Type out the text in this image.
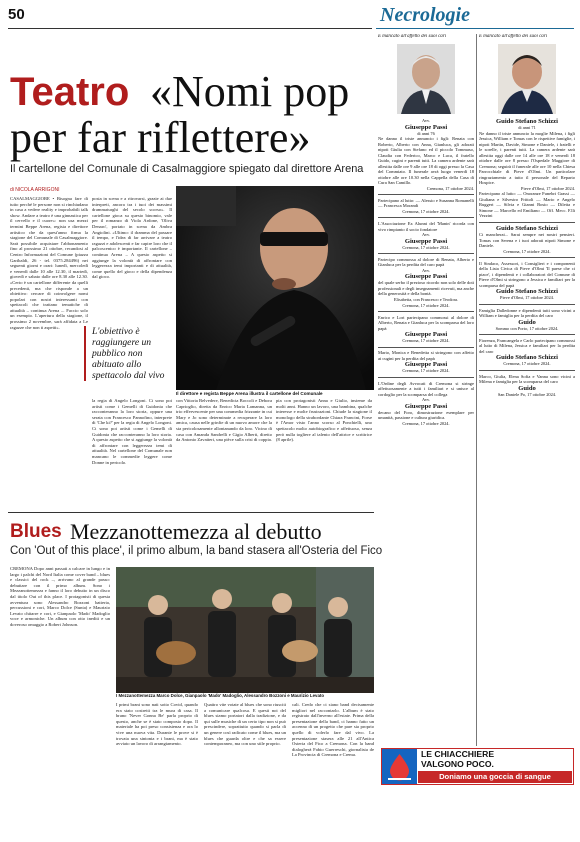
50	Necrologie
Teatro «Nomi pop
per far riflettere»
Il cartellone del Comunale di Casalmaggiore spiegato dal direttore Arena
di NICOLA ARRIGONI
CASALMAGGIORE • Bisogna fare di tutto perché le persone non si rinchiudano in casa a vedere reality e improbabili talk show. Andare a teatro è una ginnastica per il cervello e il cuore»: non usa mezzi termini Beppe Arena, regista e direttore artistico che da quest'anno firma la stagione del Comunale di Casalmaggiore. Sarà possibile acquistare l'abbonamento fino al prossimo 21 ottobre, recandosi al Centro Informazioni del Comune (piazza Garibaldi, 26 - tel. 0375.284496) nei seguenti giorni e orari: lunedì, mercoledì e venerdì dalle 10 alle 12.30, il martedì, giovedì e sabato dalle ore 8.30 alle 12.30. «Certo è un cartellone differente da quelli precedenti, ma che risponde a un obiettivo: cercare di coinvolgere nomi popolari con nostri interessanti con spettacoli che trattano tematiche di attualità – continua Arena –. Faccio solo un esempio. L'apertura della stagione, il prossimo 2 novembre, sarà affidata a Le ragazze che non ti aspetti».
posta in scena e a ritrovarsi, grazie ai due interpreti, ancora tra i tuoi dei massimi drammaturghi del secolo scorso». Il cartellone gioca su questo binomio, vale per il romanzo di Viola Ardone, 'Oliva Denaro', portato in scena da Ambra Angiolini. «Ultimo: il dramma del passare il tempo, e l'idea di far arrivare a teatro ragazzi e adolescenti e far capire loro che il palcoscenico è importante. Il cartellone – continua Arena – A questo aspetto si aggiunge la volontà di affrontare con leggerezza temi importanti e di attualità, come quello del gioco e della dipendenza dal gioco.
L'obiettivo è raggiungere un pubblico non abituato allo spettacolo dal vivo
Il direttore e regista Beppe Arena illustra il cartellone del Comunale
la regia di Angelo Longoni. Ci sono poi artisti come i Gemelli di Guidonia che racconteranno la loro storia, oppure una serata con Francesco Pannofino, interprete di 'Che ki?' per la regia di Angelo Longoni. Ci sono poi artisti come i Gemelli di Guidonia che racconteranno la loro storia. A questo aspetto che si aggiunge la volontà di affrontare con leggerezza temi di attualità. Nel cartellone del Comunale non mancano le commedie leggere come Donne in pericolo.
con Vittoria Belvedere, Benedicta Boccoli e Debora Caprioglio, diretta da Enrico Maria Lamanna, un trio effervescente per una commedia frizzante in cui Mary e Jo sono determinate a recuperare la loro amica, causa nelle grinfie di un nuovo amore che la sta pericolosamente allontanando da loro. Vicino di casa con Amanda Sandrelli e Gigio Alberti, diretto da Antonio Zavatteri, una pièce sulla crisi di coppia.
pia con protagonisti Anna e Giulio, insieme da molti anni. Hanno un lavoro, una bambina, qualche interesse e molte frustrazioni. Chiude la stagione il monologo della strabordante Chiara Francini, Forse è l'Amor visto l'anno scorso al Ponchielli, uno spettacolo molto autobiografico e affettuoso, senza però nulla togliere al talento dell'attrice e scrittrice (8 aprile).
Blues Mezzanottemezza al debutto
Con 'Out of this place', il primo album, la band stasera all'Osteria del Fico
CREMONA Dopo anni passati a calcare in lungo e in largo i palchi del Nord Italia come cover band – blues e classici del rock –, arrivano al grande passo: debuttare con il primo album. Sono i Mezzanottemezza e fanno il loro debutto in un disco dal titolo Out of this place. I protagonisti di questa avventura sono Alessandro Bozzoni batteria, percussioni e cori, Marco Dolce (Sunta) e Maurizio Levato chitarre e cori, e Gianpaolo 'Mado' Madoglio voce e armoniche. Un album con otto inediti e un doveroso omaggio a Robert Johnson.
I Mezzanottemezza Marco Dolce, Gianpaolo 'Mado' Madoglio, Alessandro Bozzoni e Maurizio Levato
I primi brani sono nati sotto Covid, quando era stato costretti tra le mura di casa. Il brano 'Never Gonna Be' parla proprio di questo, anche se è stato composto dopo. Il materiale ha poi preso consistenza e ora lo vive una nuova vita. Durante le prove si è trovata una sintonia e i brani, ma è stato avviato un lavoro di arrangiamento.
Quattro vite votate al blues che sono riusciti a comunicare qualcosa. E questi noi del blues siamo portatori dalla tradizione, e da qui sulle musiche di un certo tipo non si può prescindere, soprattutto quando si parla di un genere così radicato come il blues, ma un blues che guarda oltre e che sa essere contemporaneo, ma con uno stile proprio.
cali. Credo che ci siano band decisamente migliori nel raccontarlo. L'album è stato registrato dall'inverno all'estate. Prima della presentazione della band, ci hanno fatto un accenno di un progetto che pare sia proprio quello di volerlo fare dal vivo. La presentazione stasera alle 21 all'Antica Osteria del Fico a Cremona. Con la band dialogherà Fabio Guerreschi, giornalista de La Provincia di Cremona e Crema.
È mancato all'affetto dei suoi cari
Avv.
Giuseppe Passi
di anni 76
Ne danno il triste annuncio i figli: Renata con Roberto, Alberto con Anna, Gianluca, gli adorati nipoti Giulia con Stefano ed il piccolo Tommaso, Claudia con Federico, Marco e Luca, il fratello Guido, cugini e parenti tutti. La camera ardente sarà allestita dalle ore 9 alle ore 18 di oggi presso la Casa del Commiato. Il funerale avrà luogo venerdì 18 ottobre alle ore 10.30 nella Cappella della Casa di Cura San Camillo.
Cremona, 17 ottobre 2024.
Partecipano al lutto: — Alessio e Susanna Romanelli — Francesca Morandi
Cremona, 17 ottobre 2024.
L'Associazione Ex Alunni del 'Manin' ricorda con vivo rimpianto il socio fondatore
Avv.
Giuseppe Passi
Cremona, 17 ottobre 2024.
Partecipo commossa al dolore di Renata, Alberto e Gianluca per la perdita del caro papà
Avv.
Giuseppe Passi
del quale serbo il prezioso ricordo non solo delle doti professionali e degli insegnamenti ricevuti, ma anche della generosità e della bontà.
Elisabetta, con Francesco e Teodora.
Cremona, 17 ottobre 2024.
Enrico e Lori partecipano commossi al dolore di Alberto, Renata e Gianluca per la scomparsa del loro papà
Giuseppe Passi
Cremona, 17 ottobre 2024.
Mario, Monica e Benedetta si stringono con affetto ai cugini per la perdita del papà
Giuseppe Passi
Cremona, 17 ottobre 2024.
L'Ordine degli Avvocati di Cremona si stringe affettuosamente a tutti i familiari e si unisce al cordoglio per la scomparsa del collega
Avv.
Giuseppe Passi
decano del Foro, dimostrazione esemplare per umanità, passione e cultura giuridica.
Cremona, 17 ottobre 2024.
È mancato all'affetto dei suoi cari
Guido Stefano Schizzi
di anni 71
Ne danno il triste annuncio la moglie Milena, i figli Jessica, William e Tomas con le rispettive famiglie, i nipoti Martin, Davide, Simone e Daniele, i fratelli e le sorelle, i parenti tutti. La camera ardente sarà allestita oggi dalle ore 14 alle ore 18 e venerdì 18 ottobre dalle ore 8 presso l'Ospedale Maggiore di Cremona; seguirà il funerale alle ore 10 nella Chiesa Parrocchiale di Pieve d'Olmi. Un particolare ringraziamento a tutto il personale del Reparto Hospice.
Pieve d'Olmi, 17 ottobre 2024.
Partecipano al lutto: — Onoranze Funebri Grassi — Giuliana e Silvestro Frittoli — Mario e Angelo Ruggeri — Silvia e Gianni Bosio — Diletta e Simone — Marcello ed Emiliano — Off. Mecc. F.lli Vezzini
Guido Stefano Schizzi
Ci mancherai... Sarai sempre nei nostri pensieri. Tomas con Serena e i tuoi adorati nipoti Simone e Daniele.
Cremona, 17 ottobre 2024.
Il Sindaco, Assessori, i Consiglieri e i componenti della Lista Civica di Pieve d'Olmi 'Il paese che ci piace', i dipendenti e i collaboratori del Comune di Pieve d'Olmi si stringono a Jessica e familiari per la scomparsa del papà
Guido Stefano Schizzi
Pieve d'Olmi, 17 ottobre 2024.
Famiglia Dalledonne e dipendenti tutti sono vicini a William e famiglia per la perdita del caro
Guido
Sommo con Porto, 17 ottobre 2024.
Fiorenza, Francangela e Carlo partecipano commossi al lutto di Milena, Jessica e familiari per la perdita del caro
Guido Stefano Schizzi
Cremona, 17 ottobre 2024.
Marco, Giulia, Elena Sofia e Vanna sono vicini a Milena e famiglia per la scomparsa del caro
Guido
San Daniele Po, 17 ottobre 2024.
LE CHIACCHIERE
VALGONO POCO.
Doniamo una goccia di sangue
